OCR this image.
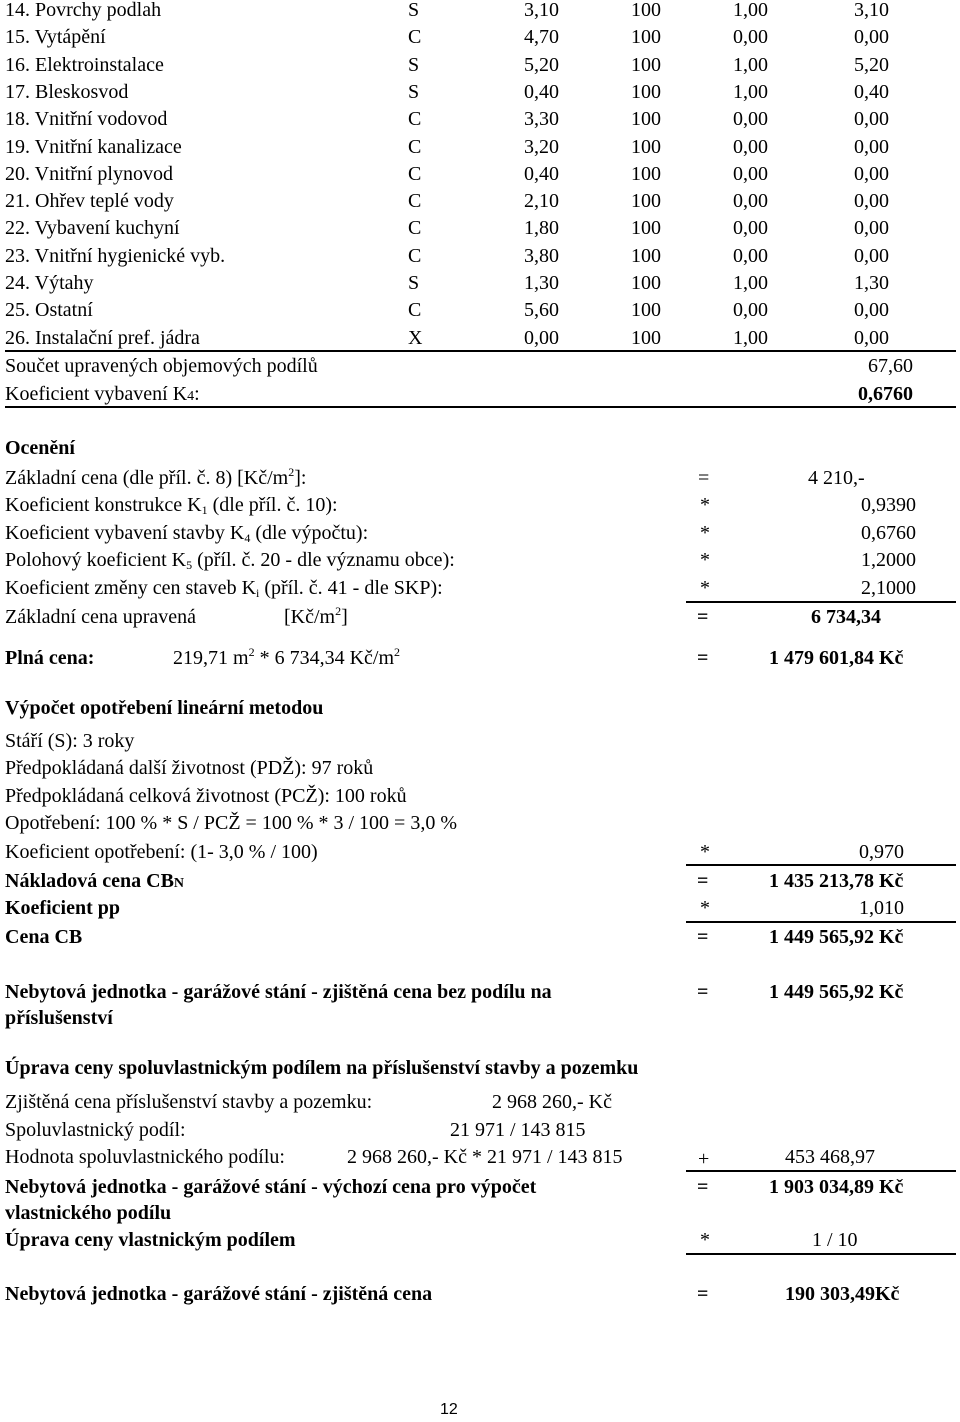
14. Povrchy podlah	S	3,10	100	1,00	3,10
15. Vytápění	C	4,70	100	0,00	0,00
16. Elektroinstalace	S	5,20	100	1,00	5,20
17. Bleskosvod	S	0,40	100	1,00	0,40
18. Vnitřní vodovod	C	3,30	100	0,00	0,00
19. Vnitřní kanalizace	C	3,20	100	0,00	0,00
20. Vnitřní plynovod	C	0,40	100	0,00	0,00
21. Ohřev teplé vody	C	2,10	100	0,00	0,00
22. Vybavení kuchyní	C	1,80	100	0,00	0,00
23. Vnitřní hygienické vyb.	C	3,80	100	0,00	0,00
24. Výtahy	S	1,30	100	1,00	1,30
25. Ostatní	C	5,60	100	0,00	0,00
26. Instalační pref. jádra	X	0,00	100	1,00	0,00
Součet upravených objemových podílů	67,60
Koeficient vybavení K4:	0,6760
Ocenění
Základní cena (dle příl. č. 8) $[Kč/m^2]$:	=	4 210,-
Koeficient konstrukce $K_1$ (dle příl. č. 10):	*	0,9390
Koeficient vybavení stavby $K_4$ (dle výpočtu):	*	0,6760
Polohový koeficient $K_5$ (příl. č. 20 - dle významu obce):	*	1,2000
Koeficient změny cen staveb $K_i$ (příl. č. 41 - dle SKP):	*	2,1000
Základní cena upravená	$[Kč/m^2]$	=	6 734,34
Plná cena:	219,71 $m^2 * 6$ 734,34 $Kč/m^2$	=	1 479 601,84 Kč
Výpočet opotřebení lineární metodou
Stáří (S): 3 roky
Předpokládaná další životnost (PDŽ): 97 roků
Předpokládaná celková životnost (PCŽ): 100 roků
Opotřebení: 100 % * S / PCŽ = 100 % * 3 / 100 = 3,0 %
Koeficient opotřebení: (1- 3,0 % / 100)	*	0,970
Nákladová cena CBN	=	1 435 213,78 Kč
Koeficient pp	*	1,010
Cena CB	=	1 449 565,92 Kč
Nebytová jednotka - garážové stání - zjištěná cena bez podílu na
příslušenství
=	1 449 565,92 Kč
Úprava ceny spoluvlastnickým podílem na příslušenství stavby a pozemku
Zjištěná cena příslušenství stavby a pozemku:	2 968 260,- Kč
Spoluvlastnický podíl:	21 971 / 143 815
Hodnota spoluvlastnického podílu:	2 968 260,- Kč * 21 971 / 143 815	+	453 468,97
Nebytová jednotka - garážové stání - výchozí cena pro výpočet
vlastnického podílu
=	1 903 034,89 Kč
Úprava ceny vlastnickým podílem	*	1 / 10
Nebytová jednotka - garážové stání - zjištěná cena	=	190 303,49Kč
12
